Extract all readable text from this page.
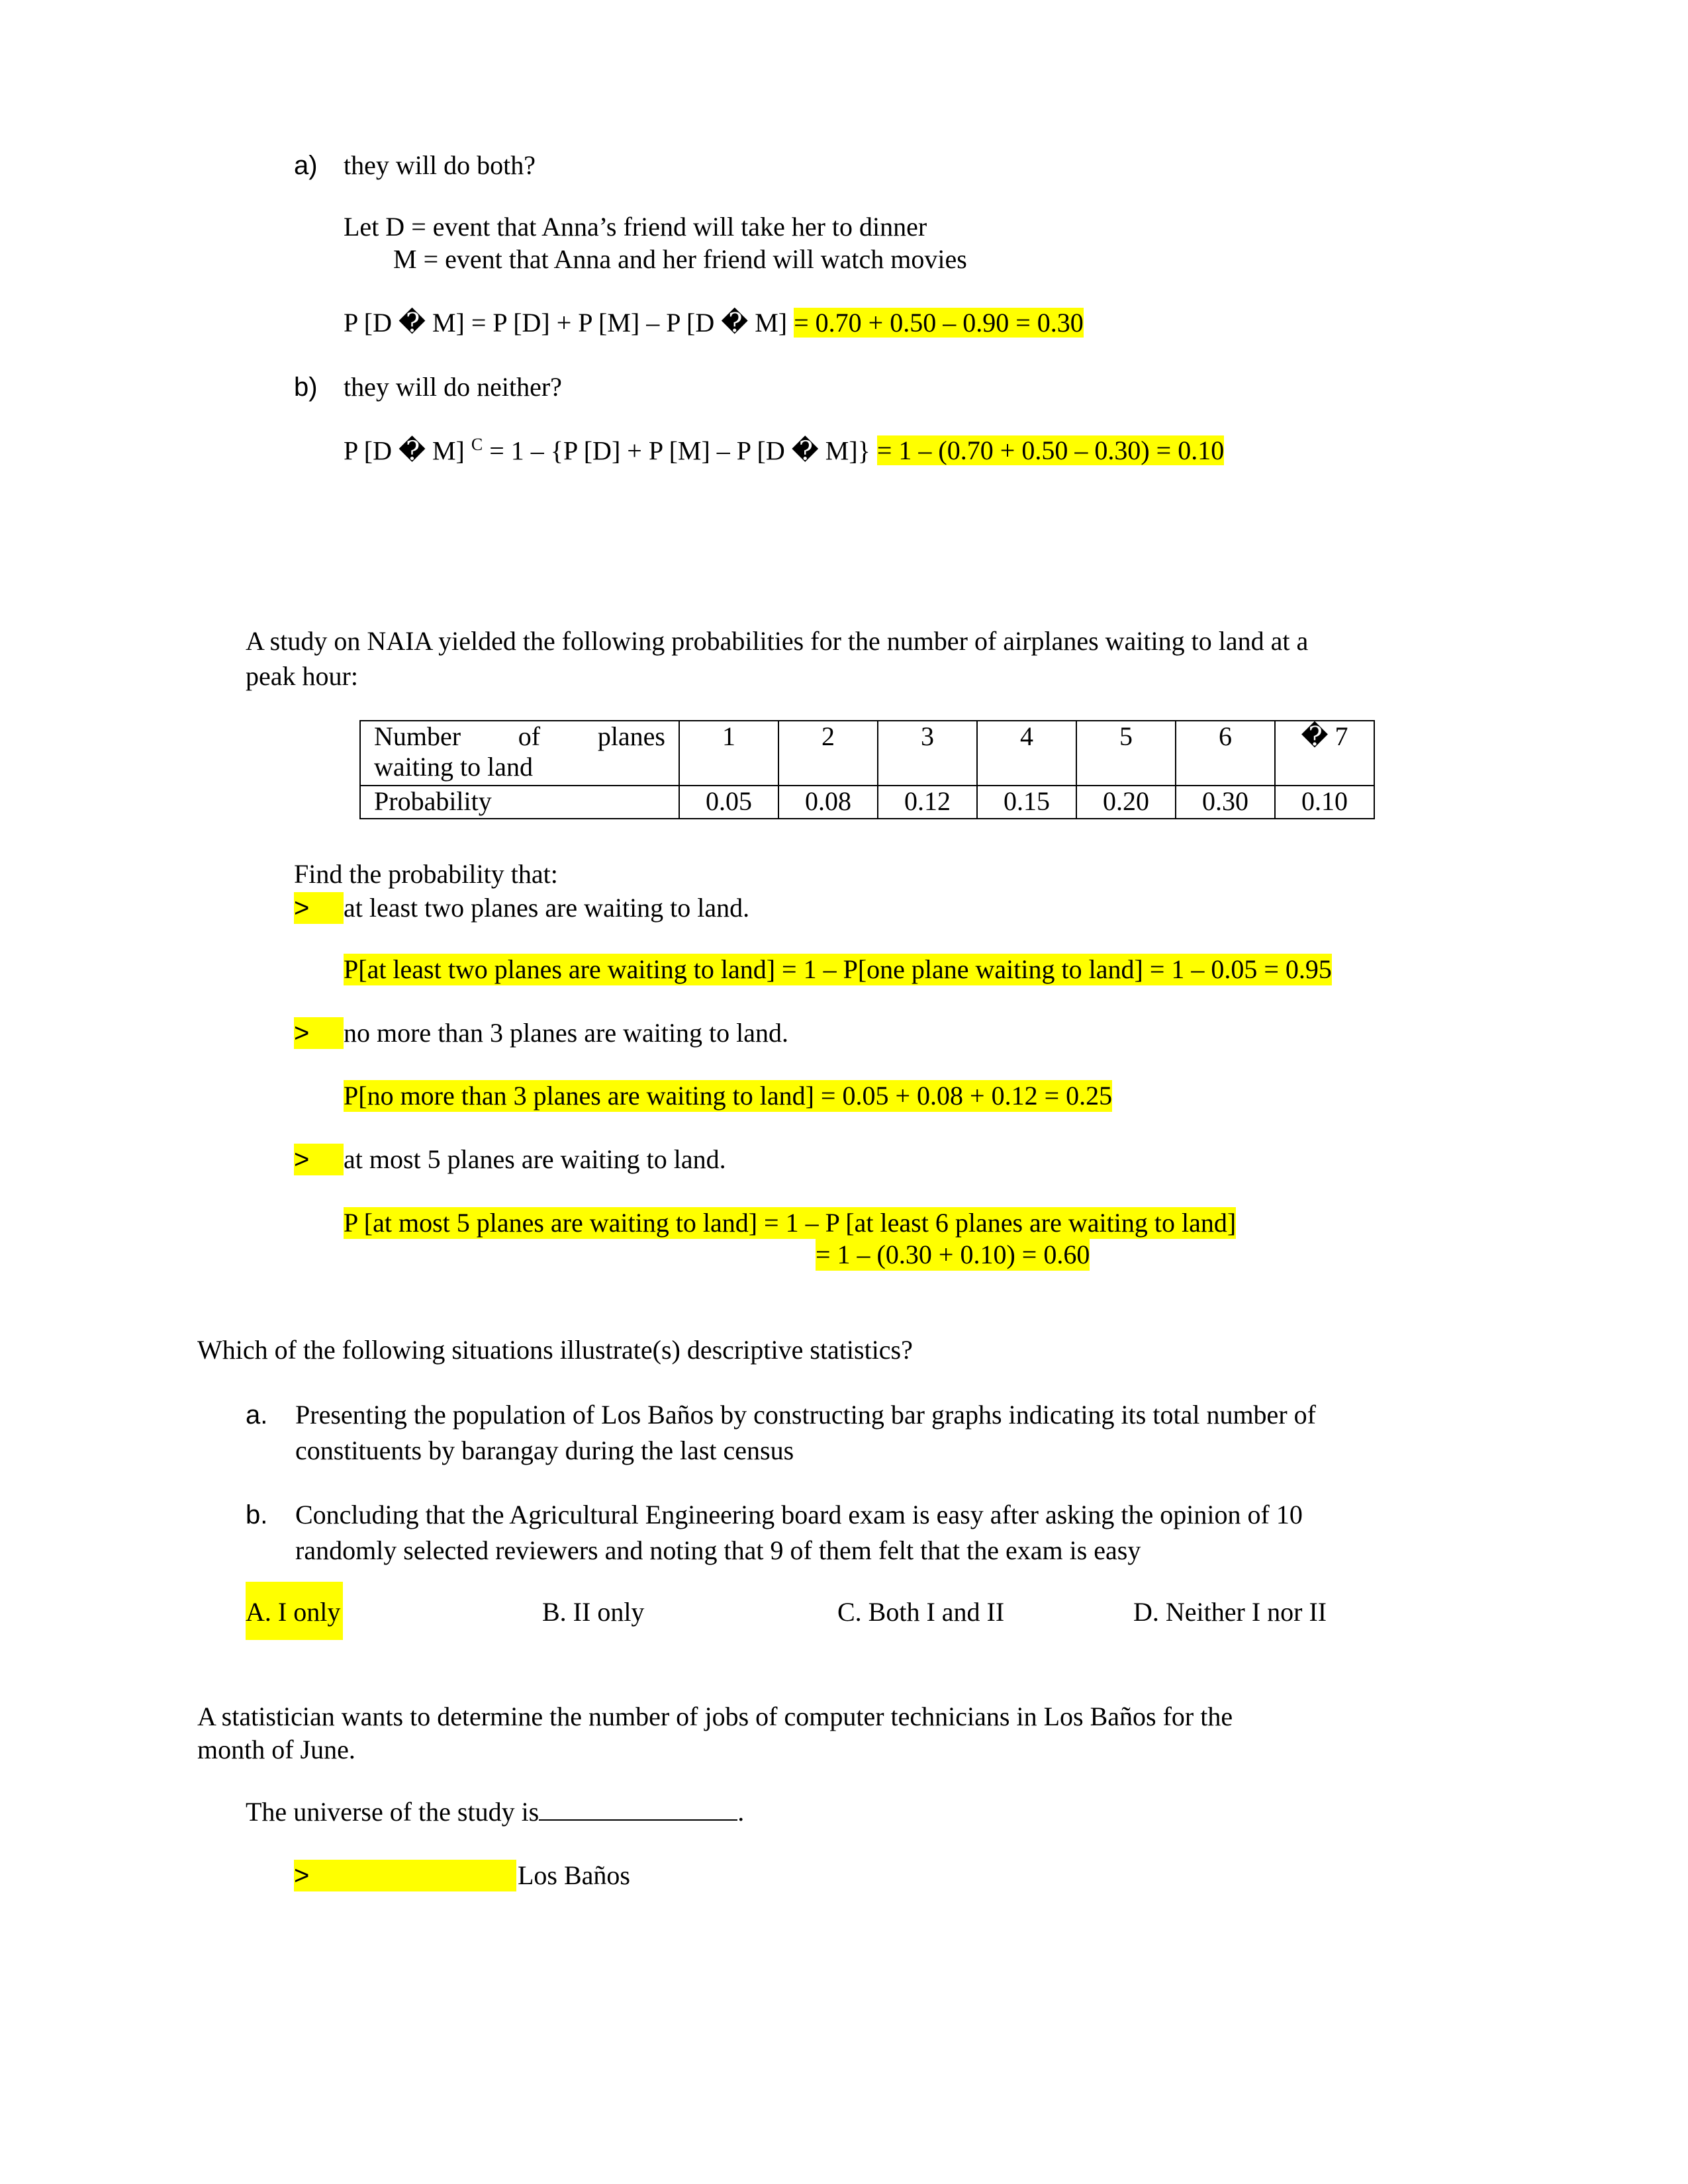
a) they will do both?
Let D = event that Anna’s friend will take her to dinner
M = event that Anna and her friend will watch movies
P [D � M] = P [D] + P [M] – P [D � M] = 0.70 + 0.50 – 0.90 = 0.30
b) they will do neither?
P [D � M] $^C$ = 1 – {P [D] + P [M] – P [D � M]} = 1 – (0.70 + 0.50 – 0.30) = 0.10
A study on NAIA yielded the following probabilities for the number of airplanes waiting to land at a
peak hour:
Number of planes
waiting to land	1	2	3	4	5	6	� 7
Probability	0.05	0.08	0.12	0.15	0.20	0.30	0.10
Find the probability that:
>	at least two planes are waiting to land.
P[at least two planes are waiting to land] = 1 – P[one plane waiting to land] = 1 – 0.05 = 0.95
>	no more than 3 planes are waiting to land.
P[no more than 3 planes are waiting to land] = 0.05 + 0.08 + 0.12 = 0.25
>	at most 5 planes are waiting to land.
P [at most 5 planes are waiting to land] = 1 – P [at least 6 planes are waiting to land]
= 1 – (0.30 + 0.10) = 0.60
Which of the following situations illustrate(s) descriptive statistics?
a. Presenting the population of Los Baños by constructing bar graphs indicating its total number of
constituents by barangay during the last census
b. Concluding that the Agricultural Engineering board exam is easy after asking the opinion of 10
randomly selected reviewers and noting that 9 of them felt that the exam is easy
A. I only	B. II only	C. Both I and II	D. Neither I nor II
A statistician wants to determine the number of jobs of computer technicians in Los Baños for the
month of June.
The universe of the study is	.
>	Los Baños
